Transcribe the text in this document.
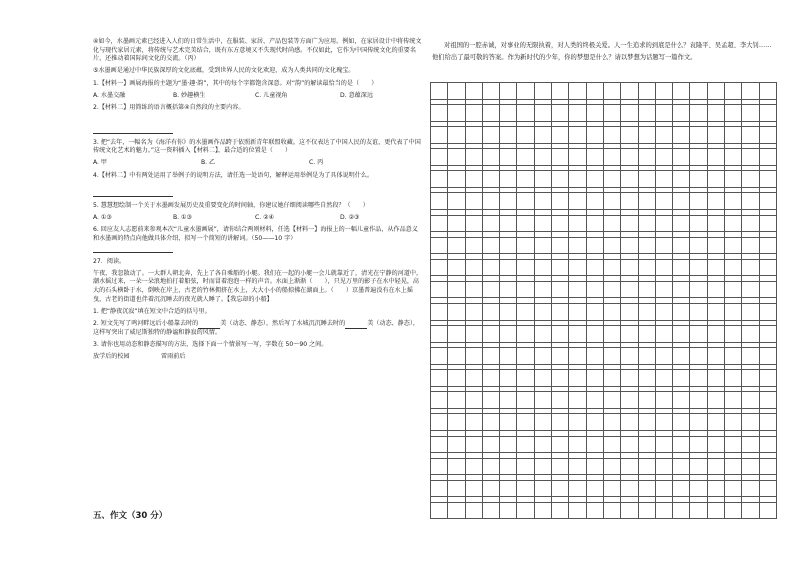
④如今，水墨画元素已经进入人们的日常生活中，在服装、家居、产品包装等方面广为应用。例如，在家居设计中将传统文化与现代家居元素，将传统与艺术完美结合，既有东方意境又不失现代时尚感。不仅如此，它作为中国传统文化的重要名片，还推动着国际间文化的交流。（丙）

⑤水墨画是通过中华民族深厚的文化底蕴，受到世界人民的文化欢迎，成为人类共同的文化瑰宝。

1.【材料一】画展海报的主题为“墨·趣·韵”，其中的每个字都饱含深意。对“韵”的解读最恰当的是（　　）

A. 水墨交融	B. 妙趣横生	C. 儿童视角	D. 意蕴深远

2.【材料二】用简练的语言概括第④自然段的主要内容。

3. 把“去年，一幅名为《海洋有你》的水墨画作品跨于依照新青年联盟收藏。这不仅表达了中国人民的友谊，更代表了中国传统文化艺术的魅力。”这一资料插入【材料二】，最合适的位置是（　　）

A. 甲	B. 乙	C. 丙

4.【材料二】中有两处运用了举例子的说明方法，请任选一处语句，解释运用举例是为了具体说明什么。

5. 慧慧想绘制一个关于水墨画发展历史及重要变化的时间轴，你建议她仔细阅读哪些自然段？（　　）

A. ①③	B. ①③	C. ②④	D. ②③

6. 回应友人志愿前来参观本次“儿童水墨画展”，请你结合两则材料，任选【材料一】海报上的一幅儿童作品，从作品意义和水墨画的特点向他做具体介绍，拟写一个简短的讲解词。（50——10 字）

27．阅读。

午夜，我忽散动了。一大群人朝北奔，先上了各自乘船的小艇。我们在一起的小艇一会儿就靠近了，清光在宁静的河道中，潮水摇过来，一朵一朵浪地拍打着船弦，时而冒着泡泡一样的声音。水面上渐渐（　　），只见万里的影子在水中轻晃，高大的石头横卧于水，倒映在岸上，古老的竹林拥挤在水上，大大小小的船掠拂在湖面上。（　　）京墨普遍没有在水上摇曳，古老的街道也伴着沉沉睡去的夜光就人睡了。【我忘却的小船】

1. 把“静夜沉寂”填在短文中合适的括号里。

2. 短文先写了鸣河畔远后小船靠去时的	美（动态、静态），然后写了水城沉沉睡去时的	美（动态、静态），这样写突出了威尼斯独特的静谧和静寂的风情。

3. 请你也用动态和静态描写的方法，选择下面一个情景写一写，字数在 50～90 之间。

放学后的校园	雷雨前后
五、作文（30 分）

对祖国的一腔赤诚，对事业的无限执着，对人类的终极关爱。人一生追求的到底是什么？袁隆平、吴孟超、李大钊……他们给出了最可敬的答案。作为新时代的少年，你的梦想是什么？请以梦想为话题写一篇作文。
